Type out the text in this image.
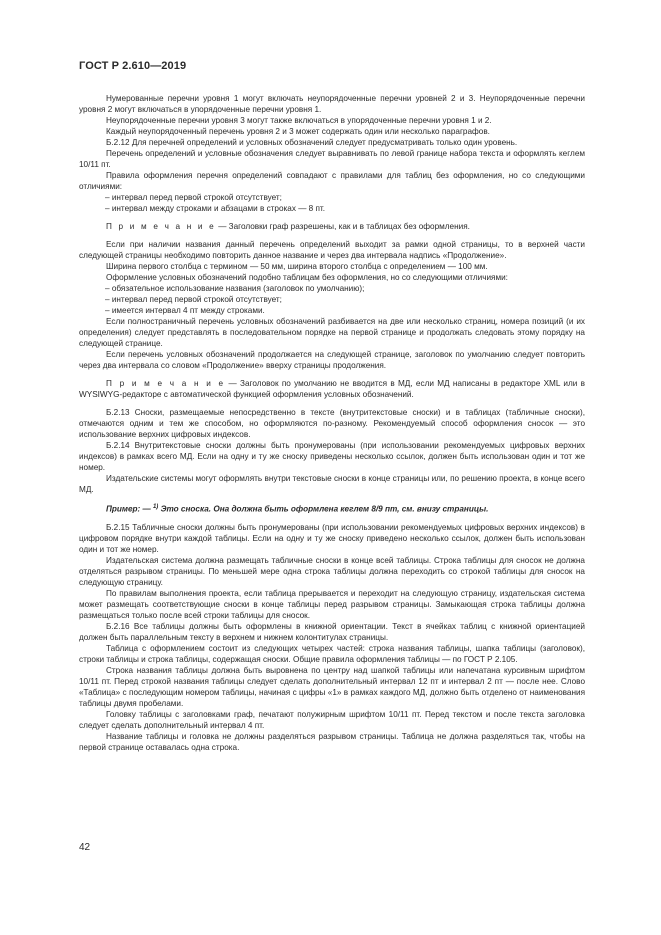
ГОСТ Р 2.610—2019

Нумерованные перечни уровня 1 могут включать неупорядоченные перечни уровней 2 и 3. Неупорядоченные перечни уровня 2 могут включаться в упорядоченные перечни уровня 1.

Неупорядоченные перечни уровня 3 могут также включаться в упорядоченные перечни уровня 1 и 2.

Каждый неупорядоченный перечень уровня 2 и 3 может содержать один или несколько параграфов.

Б.2.12 Для перечней определений и условных обозначений следует предусматривать только один уровень.

Перечень определений и условные обозначения следует выравнивать по левой границе набора текста и оформлять кеглем 10/11 пт.

Правила оформления перечня определений совпадают с правилами для таблиц без оформления, но со следующими отличиями:

– интервал перед первой строкой отсутствует;

– интервал между строками и абзацами в строках — 8 пт.

П р и м е ч а н и е — Заголовки граф разрешены, как и в таблицах без оформления.

Если при наличии названия данный перечень определений выходит за рамки одной страницы, то в верхней части следующей страницы необходимо повторить данное название и через два интервала надпись «Продолжение».

Ширина первого столбца с термином — 50 мм, ширина второго столбца с определением — 100 мм.

Оформление условных обозначений подобно таблицам без оформления, но со следующими отличиями:

– обязательное использование названия (заголовок по умолчанию);

– интервал перед первой строкой отсутствует;

– имеется интервал 4 пт между строками.

Если полностраничный перечень условных обозначений разбивается на две или несколько страниц, номера позиций (и их определения) следует представлять в последовательном порядке на первой странице и продолжать следовать этому порядку на следующей странице.

Если перечень условных обозначений продолжается на следующей странице, заголовок по умолчанию следует повторить через два интервала со словом «Продолжение» вверху страницы продолжения.

П р и м е ч а н и е — Заголовок по умолчанию не вводится в МД, если МД написаны в редакторе XML или в WYSIWYG-редакторе с автоматической функцией оформления условных обозначений.

Б.2.13 Сноски, размещаемые непосредственно в тексте (внутритекстовые сноски) и в таблицах (табличные сноски), отмечаются одним и тем же способом, но оформляются по-разному. Рекомендуемый способ оформления сносок — это использование верхних цифровых индексов.

Б.2.14 Внутритекстовые сноски должны быть пронумерованы (при использовании рекомендуемых цифровых верхних индексов) в рамках всего МД. Если на одну и ту же сноску приведены несколько ссылок, должен быть использован один и тот же номер.

Издательские системы могут оформлять внутри текстовые сноски в конце страницы или, по решению проекта, в конце всего МД.

Пример: — $^{1)}$ Это сноска. Она должна быть оформлена кеглем 8/9 пт, см. внизу страницы.

Б.2.15 Табличные сноски должны быть пронумерованы (при использовании рекомендуемых цифровых верхних индексов) в цифровом порядке внутри каждой таблицы. Если на одну и ту же сноску приведено несколько ссылок, должен быть использован один и тот же номер.

Издательская система должна размещать табличные сноски в конце всей таблицы. Строка таблицы для сносок не должна отделяться разрывом страницы. По меньшей мере одна строка таблицы должна переходить со строкой таблицы для сносок на следующую страницу.

По правилам выполнения проекта, если таблица прерывается и переходит на следующую страницу, издательская система может размещать соответствующие сноски в конце таблицы перед разрывом страницы. Замыкающая строка таблицы должна размещаться только после всей строки таблицы для сносок.

Б.2.16 Все таблицы должны быть оформлены в книжной ориентации. Текст в ячейках таблиц с книжной ориентацией должен быть параллельным тексту в верхнем и нижнем колонтитулах страницы.

Таблица с оформлением состоит из следующих четырех частей: строка названия таблицы, шапка таблицы (заголовок), строки таблицы и строка таблицы, содержащая сноски. Общие правила оформления таблицы — по ГОСТ Р 2.105.

Строка названия таблицы должна быть выровнена по центру над шапкой таблицы или напечатана курсивным шрифтом 10/11 пт. Перед строкой названия таблицы следует сделать дополнительный интервал 12 пт и интервал 2 пт — после нее. Слово «Таблица» с последующим номером таблицы, начиная с цифры «1» в рамках каждого МД, должно быть отделено от наименования таблицы двумя пробелами.

Головку таблицы с заголовками граф, печатают полужирным шрифтом 10/11 пт. Перед текстом и после текста заголовка следует сделать дополнительный интервал 4 пт.

Название таблицы и головка не должны разделяться разрывом страницы. Таблица не должна разделяться так, чтобы на первой странице оставалась одна строка.

42
